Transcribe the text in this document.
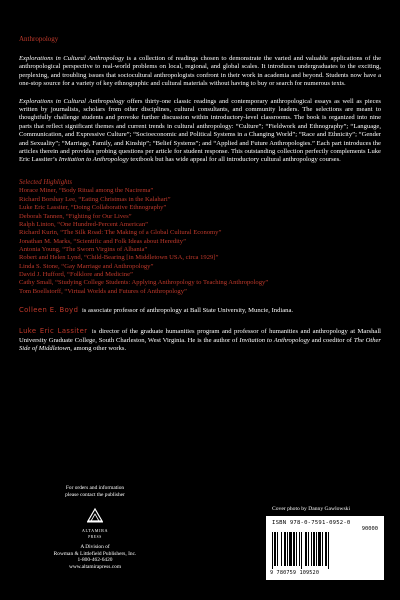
Anthropology

Explorations in Cultural Anthropology is a collection of readings chosen to demonstrate the varied and valuable applications of the anthropological perspective to real-world problems on local, regional, and global scales. It introduces undergraduates to the exciting, perplexing, and troubling issues that sociocultural anthropologists confront in their work in academia and beyond. Students now have a one-stop source for a variety of key ethnographic and cultural materials without having to buy or search for numerous texts.

Explorations in Cultural Anthropology offers thirty-one classic readings and contemporary anthropological essays as well as pieces written by journalists, scholars from other disciplines, cultural consultants, and community leaders. The selections are meant to thoughtfully challenge students and provoke further discussion within introductory-level classrooms. The book is organized into nine parts that reflect significant themes and current trends in cultural anthropology: “Culture”; “Fieldwork and Ethnography”; “Language, Communication, and Expressive Culture”; “Socioeconomic and Political Systems in a Changing World”; “Race and Ethnicity”; “Gender and Sexuality”; “Marriage, Family, and Kinship”; “Belief Systems”; and “Applied and Future Anthropologies.” Each part introduces the articles therein and provides probing questions per article for student response. This outstanding collection perfectly complements Luke Eric Lassiter’s Invitation to Anthropology textbook but has wide appeal for all introductory cultural anthropology courses.

Selected Highlights
Horace Miner, “Body Ritual among the Nacirema”
Richard Borshay Lee, “Eating Christmas in the Kalahari”
Luke Eric Lassiter, “Doing Collaborative Ethnography”
Deborah Tannen, “Fighting for Our Lives”
Ralph Linton, “One Hundred-Percent American”
Richard Kurin, “The Silk Road: The Making of a Global Cultural Economy”
Jonathan M. Marks, “Scientific and Folk Ideas about Heredity”
Antonia Young, “The Sworn Virgins of Albania”
Robert and Helen Lynd, “Child-Bearing [in Middletown USA, circa 1929]”
Linda S. Stone, “Gay Marriage and Anthropology”
David J. Hufford, “Folklore and Medicine”
Cathy Small, “Studying College Students: Applying Anthropology to Teaching Anthropology”
Tom Boellstorff, “Virtual Worlds and Futures of Anthropology”

Colleen E. Boyd is associate professor of anthropology at Ball State University, Muncie, Indiana.

Luke Eric Lassiter is director of the graduate humanities program and professor of humanities and anthropology at Marshall University Graduate College, South Charleston, West Virginia. He is the author of Invitation to Anthropology and coeditor of The Other Side of Middletown, among other works.

For orders and information
please contact the publisher
ALTAMIRA
PRESS
A Division of
Rowman & Littlefield Publishers, Inc.
1-800-462-6420
www.altamirapress.com
Cover photo by Danny Gawlowski
ISBN 978-0-7591-0952-0
90000
9 780759 109520
